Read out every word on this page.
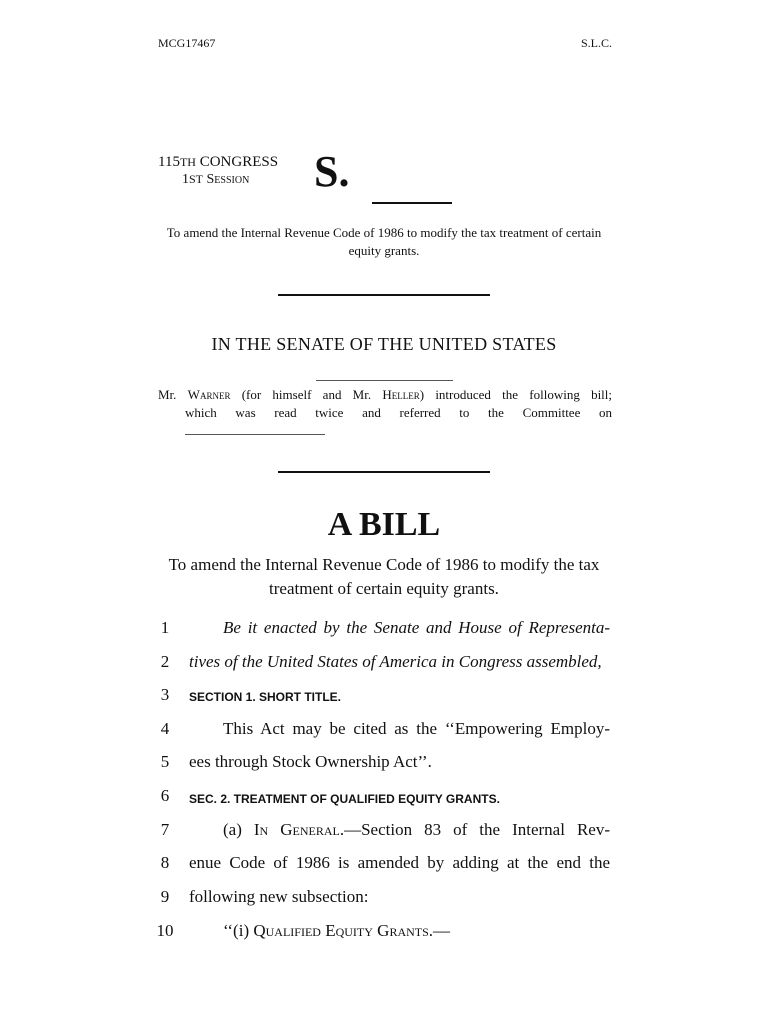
MCG17467	S.L.C.
115TH CONGRESS
1ST Session S.
To amend the Internal Revenue Code of 1986 to modify the tax treatment of certain equity grants.
IN THE SENATE OF THE UNITED STATES
Mr. Warner (for himself and Mr. Heller) introduced the following bill;
which was read twice and referred to the Committee on
A BILL
To amend the Internal Revenue Code of 1986 to modify the tax treatment of certain equity grants.
1	Be it enacted by the Senate and House of Representa-
2	tives of the United States of America in Congress assembled,
3	SECTION 1. SHORT TITLE.
4	This Act may be cited as the ‘‘Empowering Employ-
5	ees through Stock Ownership Act’’.
6	SEC. 2. TREATMENT OF QUALIFIED EQUITY GRANTS.
7	(a) In General.—Section 83 of the Internal Rev-
8	enue Code of 1986 is amended by adding at the end the
9	following new subsection:
10	‘‘(i) Qualified Equity Grants.—
